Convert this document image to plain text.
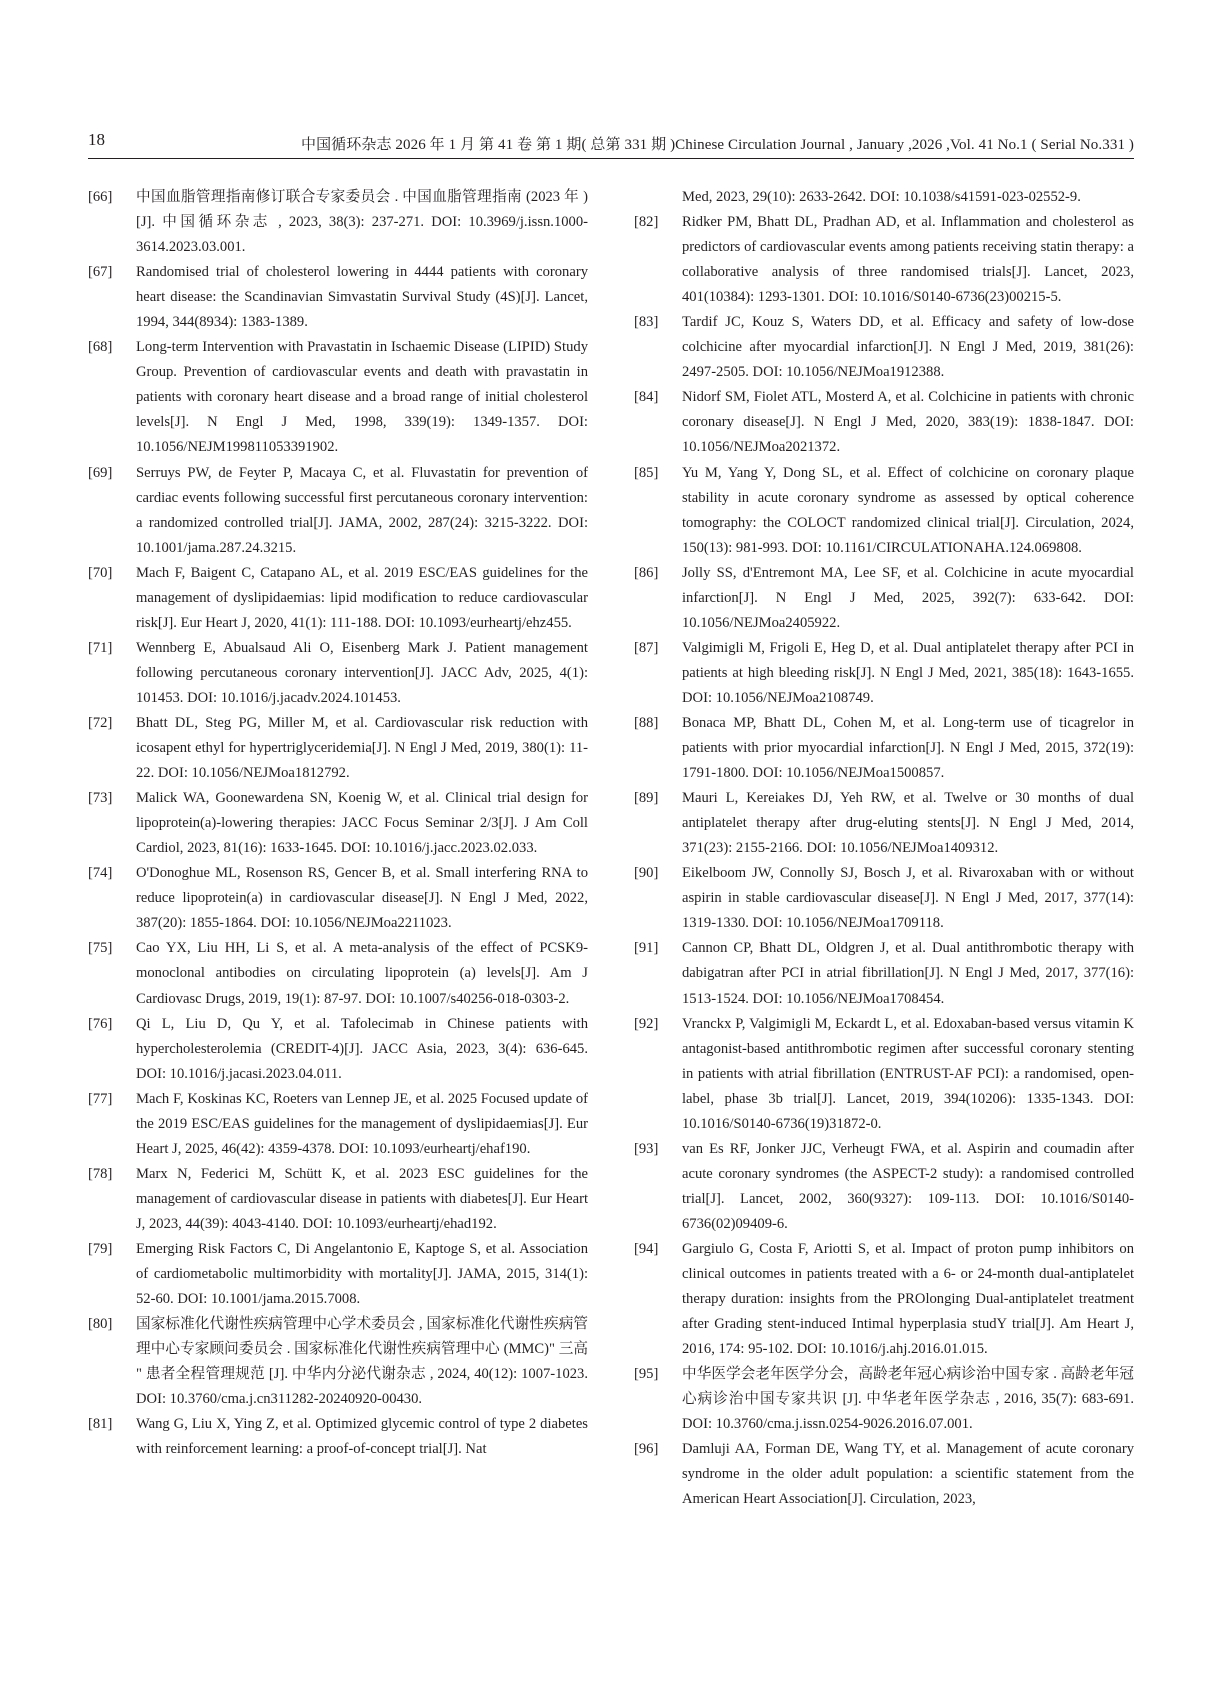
18	中国循环杂志 2026 年 1 月 第 41 卷 第 1 期( 总第 331 期 )Chinese Circulation Journal , January ,2026 ,Vol. 41 No.1 ( Serial No.331 )
[66] 中国血脂管理指南修订联合专家委员会 . 中国血脂管理指南 (2023 年 )[J]. 中国循环杂志 , 2023, 38(3): 237-271. DOI: 10.3969/j.issn.1000-3614.2023.03.001.
[67] Randomised trial of cholesterol lowering in 4444 patients with coronary heart disease: the Scandinavian Simvastatin Survival Study (4S)[J]. Lancet, 1994, 344(8934): 1383-1389.
[68] Long-term Intervention with Pravastatin in Ischaemic Disease (LIPID) Study Group. Prevention of cardiovascular events and death with pravastatin in patients with coronary heart disease and a broad range of initial cholesterol levels[J]. N Engl J Med, 1998, 339(19): 1349-1357. DOI: 10.1056/NEJM199811053391902.
[69] Serruys PW, de Feyter P, Macaya C, et al. Fluvastatin for prevention of cardiac events following successful first percutaneous coronary intervention: a randomized controlled trial[J]. JAMA, 2002, 287(24): 3215-3222. DOI: 10.1001/jama.287.24.3215.
[70] Mach F, Baigent C, Catapano AL, et al. 2019 ESC/EAS guidelines for the management of dyslipidaemias: lipid modification to reduce cardiovascular risk[J]. Eur Heart J, 2020, 41(1): 111-188. DOI: 10.1093/eurheartj/ehz455.
[71] Wennberg E, Abualsaud Ali O, Eisenberg Mark J. Patient management following percutaneous coronary intervention[J]. JACC Adv, 2025, 4(1): 101453. DOI: 10.1016/j.jacadv.2024.101453.
[72] Bhatt DL, Steg PG, Miller M, et al. Cardiovascular risk reduction with icosapent ethyl for hypertriglyceridemia[J]. N Engl J Med, 2019, 380(1): 11-22. DOI: 10.1056/NEJMoa1812792.
[73] Malick WA, Goonewardena SN, Koenig W, et al. Clinical trial design for lipoprotein(a)-lowering therapies: JACC Focus Seminar 2/3[J]. J Am Coll Cardiol, 2023, 81(16): 1633-1645. DOI: 10.1016/j.jacc.2023.02.033.
[74] O'Donoghue ML, Rosenson RS, Gencer B, et al. Small interfering RNA to reduce lipoprotein(a) in cardiovascular disease[J]. N Engl J Med, 2022, 387(20): 1855-1864. DOI: 10.1056/NEJMoa2211023.
[75] Cao YX, Liu HH, Li S, et al. A meta-analysis of the effect of PCSK9-monoclonal antibodies on circulating lipoprotein (a) levels[J]. Am J Cardiovasc Drugs, 2019, 19(1): 87-97. DOI: 10.1007/s40256-018-0303-2.
[76] Qi L, Liu D, Qu Y, et al. Tafolecimab in Chinese patients with hypercholesterolemia (CREDIT-4)[J]. JACC Asia, 2023, 3(4): 636-645. DOI: 10.1016/j.jacasi.2023.04.011.
[77] Mach F, Koskinas KC, Roeters van Lennep JE, et al. 2025 Focused update of the 2019 ESC/EAS guidelines for the management of dyslipidaemias[J]. Eur Heart J, 2025, 46(42): 4359-4378. DOI: 10.1093/eurheartj/ehaf190.
[78] Marx N, Federici M, Schütt K, et al. 2023 ESC guidelines for the management of cardiovascular disease in patients with diabetes[J]. Eur Heart J, 2023, 44(39): 4043-4140. DOI: 10.1093/eurheartj/ehad192.
[79] Emerging Risk Factors C, Di Angelantonio E, Kaptoge S, et al. Association of cardiometabolic multimorbidity with mortality[J]. JAMA, 2015, 314(1): 52-60. DOI: 10.1001/jama.2015.7008.
[80] 国家标准化代谢性疾病管理中心学术委员会 , 国家标准化代谢性疾病管理中心专家顾问委员会 . 国家标准化代谢性疾病管理中心 (MMC)" 三高 " 患者全程管理规范 [J]. 中华内分泌代谢杂志 , 2024, 40(12): 1007-1023. DOI: 10.3760/cma.j.cn311282-20240920-00430.
[81] Wang G, Liu X, Ying Z, et al. Optimized glycemic control of type 2 diabetes with reinforcement learning: a proof-of-concept trial[J]. Nat
Med, 2023, 29(10): 2633-2642. DOI: 10.1038/s41591-023-02552-9.
[82] Ridker PM, Bhatt DL, Pradhan AD, et al. Inflammation and cholesterol as predictors of cardiovascular events among patients receiving statin therapy: a collaborative analysis of three randomised trials[J]. Lancet, 2023, 401(10384): 1293-1301. DOI: 10.1016/S0140-6736(23)00215-5.
[83] Tardif JC, Kouz S, Waters DD, et al. Efficacy and safety of low-dose colchicine after myocardial infarction[J]. N Engl J Med, 2019, 381(26): 2497-2505. DOI: 10.1056/NEJMoa1912388.
[84] Nidorf SM, Fiolet ATL, Mosterd A, et al. Colchicine in patients with chronic coronary disease[J]. N Engl J Med, 2020, 383(19): 1838-1847. DOI: 10.1056/NEJMoa2021372.
[85] Yu M, Yang Y, Dong SL, et al. Effect of colchicine on coronary plaque stability in acute coronary syndrome as assessed by optical coherence tomography: the COLOCT randomized clinical trial[J]. Circulation, 2024, 150(13): 981-993. DOI: 10.1161/CIRCULATIONAHA.124.069808.
[86] Jolly SS, d'Entremont MA, Lee SF, et al. Colchicine in acute myocardial infarction[J]. N Engl J Med, 2025, 392(7): 633-642. DOI: 10.1056/NEJMoa2405922.
[87] Valgimigli M, Frigoli E, Heg D, et al. Dual antiplatelet therapy after PCI in patients at high bleeding risk[J]. N Engl J Med, 2021, 385(18): 1643-1655. DOI: 10.1056/NEJMoa2108749.
[88] Bonaca MP, Bhatt DL, Cohen M, et al. Long-term use of ticagrelor in patients with prior myocardial infarction[J]. N Engl J Med, 2015, 372(19): 1791-1800. DOI: 10.1056/NEJMoa1500857.
[89] Mauri L, Kereiakes DJ, Yeh RW, et al. Twelve or 30 months of dual antiplatelet therapy after drug-eluting stents[J]. N Engl J Med, 2014, 371(23): 2155-2166. DOI: 10.1056/NEJMoa1409312.
[90] Eikelboom JW, Connolly SJ, Bosch J, et al. Rivaroxaban with or without aspirin in stable cardiovascular disease[J]. N Engl J Med, 2017, 377(14): 1319-1330. DOI: 10.1056/NEJMoa1709118.
[91] Cannon CP, Bhatt DL, Oldgren J, et al. Dual antithrombotic therapy with dabigatran after PCI in atrial fibrillation[J]. N Engl J Med, 2017, 377(16): 1513-1524. DOI: 10.1056/NEJMoa1708454.
[92] Vranckx P, Valgimigli M, Eckardt L, et al. Edoxaban-based versus vitamin K antagonist-based antithrombotic regimen after successful coronary stenting in patients with atrial fibrillation (ENTRUST-AF PCI): a randomised, open-label, phase 3b trial[J]. Lancet, 2019, 394(10206): 1335-1343. DOI: 10.1016/S0140-6736(19)31872-0.
[93] van Es RF, Jonker JJC, Verheugt FWA, et al. Aspirin and coumadin after acute coronary syndromes (the ASPECT-2 study): a randomised controlled trial[J]. Lancet, 2002, 360(9327): 109-113. DOI: 10.1016/S0140-6736(02)09409-6.
[94] Gargiulo G, Costa F, Ariotti S, et al. Impact of proton pump inhibitors on clinical outcomes in patients treated with a 6- or 24-month dual-antiplatelet therapy duration: insights from the PROlonging Dual-antiplatelet treatment after Grading stent-induced Intimal hyperplasia studY trial[J]. Am Heart J, 2016, 174: 95-102. DOI: 10.1016/j.ahj.2016.01.015.
[95] 中华医学会老年医学分会，高龄老年冠心病诊治中国专家 . 高龄老年冠心病诊治中国专家共识 [J]. 中华老年医学杂志 , 2016, 35(7): 683-691. DOI: 10.3760/cma.j.issn.0254-9026.2016.07.001.
[96] Damluji AA, Forman DE, Wang TY, et al. Management of acute coronary syndrome in the older adult population: a scientific statement from the American Heart Association[J]. Circulation, 2023,
